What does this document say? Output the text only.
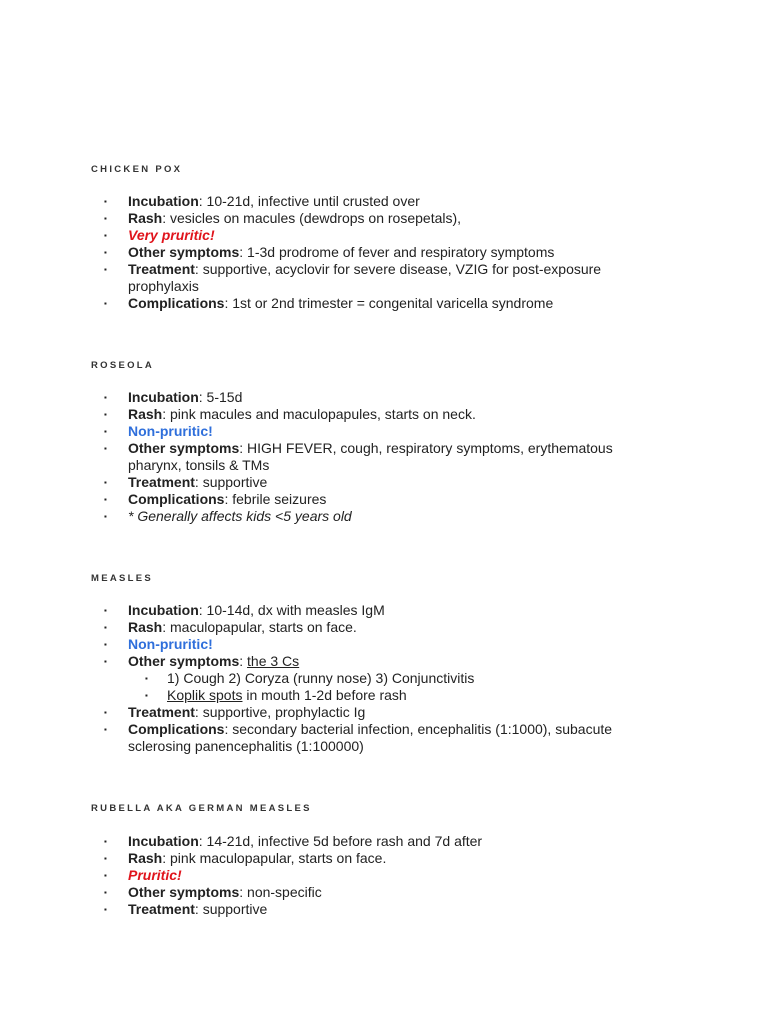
CHICKEN POX
▪ Incubation: 10-21d, infective until crusted over
▪ Rash: vesicles on macules (dewdrops on rosepetals),
▪ Very pruritic!
▪ Other symptoms: 1-3d prodrome of fever and respiratory symptoms
▪ Treatment: supportive, acyclovir for severe disease, VZIG for post-exposure prophylaxis
▪ Complications: 1st or 2nd trimester = congenital varicella syndrome
ROSEOLA
▪ Incubation: 5-15d
▪ Rash: pink macules and maculopapules, starts on neck.
▪ Non-pruritic!
▪ Other symptoms: HIGH FEVER, cough, respiratory symptoms, erythematous pharynx, tonsils & TMs
▪ Treatment: supportive
▪ Complications: febrile seizures
▪ * Generally affects kids <5 years old
MEASLES
▪ Incubation: 10-14d, dx with measles IgM
▪ Rash: maculopapular, starts on face.
▪ Non-pruritic!
▪ Other symptoms: the 3 Cs
▪ 1) Cough 2) Coryza (runny nose) 3) Conjunctivitis
▪ Koplik spots in mouth 1-2d before rash
▪ Treatment: supportive, prophylactic Ig
▪ Complications: secondary bacterial infection, encephalitis (1:1000), subacute sclerosing panencephalitis (1:100000)
RUBELLA AKA GERMAN MEASLES
▪ Incubation: 14-21d, infective 5d before rash and 7d after
▪ Rash: pink maculopapular, starts on face.
▪ Pruritic!
▪ Other symptoms: non-specific
▪ Treatment: supportive
